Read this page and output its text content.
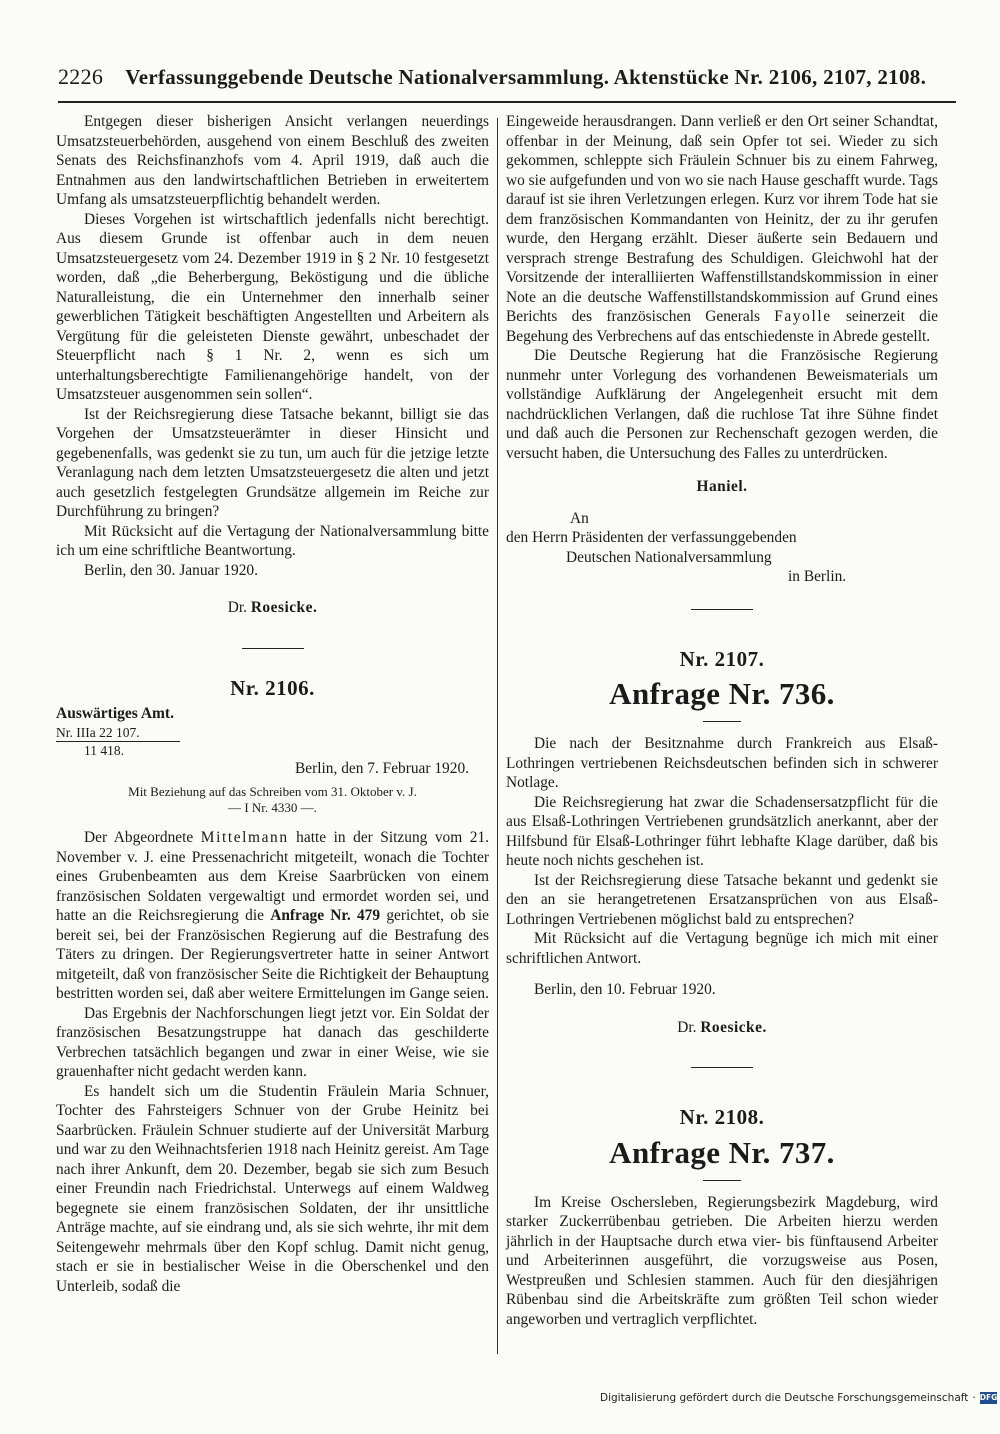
2226 Verfassunggebende Deutsche Nationalversammlung. Aktenstücke Nr. 2106, 2107, 2108.

Entgegen dieser bisherigen Ansicht verlangen neuerdings Umsatzsteuerbehörden, ausgehend von einem Beschluß des zweiten Senats des Reichsfinanzhofs vom 4. April 1919, daß auch die Entnahmen aus den landwirtschaftlichen Betrieben in erweitertem Umfang als umsatzsteuerpflichtig behandelt werden.

Dieses Vorgehen ist wirtschaftlich jedenfalls nicht berechtigt. Aus diesem Grunde ist offenbar auch in dem neuen Umsatzsteuergesetz vom 24. Dezember 1919 in § 2 Nr. 10 festgesetzt worden, daß „die Beherbergung, Beköstigung und die übliche Naturalleistung, die ein Unternehmer den innerhalb seiner gewerblichen Tätigkeit beschäftigten Angestellten und Arbeitern als Vergütung für die geleisteten Dienste gewährt, unbeschadet der Steuerpflicht nach § 1 Nr. 2, wenn es sich um unterhaltungsberechtigte Familienangehörige handelt, von der Umsatzsteuer ausgenommen sein sollen“.

Ist der Reichsregierung diese Tatsache bekannt, billigt sie das Vorgehen der Umsatzsteuerämter in dieser Hinsicht und gegebenenfalls, was gedenkt sie zu tun, um auch für die jetzige letzte Veranlagung nach dem letzten Umsatzsteuergesetz die alten und jetzt auch gesetzlich festgelegten Grundsätze allgemein im Reiche zur Durchführung zu bringen?

Mit Rücksicht auf die Vertagung der Nationalversammlung bitte ich um eine schriftliche Beantwortung.

Berlin, den 30. Januar 1920.

Dr. Roesicke.
Nr. 2106.
Auswärtiges Amt.
Nr. IIIa 22 107.
11 418.
Berlin, den 7. Februar 1920.
Mit Beziehung auf das Schreiben vom 31. Oktober v. J.
— I Nr. 4330 —.

Der Abgeordnete Mittelmann hatte in der Sitzung vom 21. November v. J. eine Pressenachricht mitgeteilt, wonach die Tochter eines Grubenbeamten aus dem Kreise Saarbrücken von einem französischen Soldaten vergewaltigt und ermordet worden sei, und hatte an die Reichsregierung die Anfrage Nr. 479 gerichtet, ob sie bereit sei, bei der Französischen Regierung auf die Bestrafung des Täters zu dringen. Der Regierungsvertreter hatte in seiner Antwort mitgeteilt, daß von französischer Seite die Richtigkeit der Behauptung bestritten worden sei, daß aber weitere Ermittelungen im Gange seien.

Das Ergebnis der Nachforschungen liegt jetzt vor. Ein Soldat der französischen Besatzungstruppe hat danach das geschilderte Verbrechen tatsächlich begangen und zwar in einer Weise, wie sie grauenhafter nicht gedacht werden kann.

Es handelt sich um die Studentin Fräulein Maria Schnuer, Tochter des Fahrsteigers Schnuer von der Grube Heinitz bei Saarbrücken. Fräulein Schnuer studierte auf der Universität Marburg und war zu den Weihnachtsferien 1918 nach Heinitz gereist. Am Tage nach ihrer Ankunft, dem 20. Dezember, begab sie sich zum Besuch einer Freundin nach Friedrichstal. Unterwegs auf einem Waldweg begegnete sie einem französischen Soldaten, der ihr unsittliche Anträge machte, auf sie eindrang und, als sie sich wehrte, ihr mit dem Seitengewehr mehrmals über den Kopf schlug. Damit nicht genug, stach er sie in bestialischer Weise in die Oberschenkel und den Unterleib, sodaß die

Eingeweide herausdrangen. Dann verließ er den Ort seiner Schandtat, offenbar in der Meinung, daß sein Opfer tot sei. Wieder zu sich gekommen, schleppte sich Fräulein Schnuer bis zu einem Fahrweg, wo sie aufgefunden und von wo sie nach Hause geschafft wurde. Tags darauf ist sie ihren Verletzungen erlegen. Kurz vor ihrem Tode hat sie dem französischen Kommandanten von Heinitz, der zu ihr gerufen wurde, den Hergang erzählt. Dieser äußerte sein Bedauern und versprach strenge Bestrafung des Schuldigen. Gleichwohl hat der Vorsitzende der interalliierten Waffenstillstandskommission in einer Note an die deutsche Waffenstillstandskommission auf Grund eines Berichts des französischen Generals Fayolle seinerzeit die Begehung des Verbrechens auf das entschiedenste in Abrede gestellt.

Die Deutsche Regierung hat die Französische Regierung nunmehr unter Vorlegung des vorhandenen Beweismaterials um vollständige Aufklärung der Angelegenheit ersucht mit dem nachdrücklichen Verlangen, daß die ruchlose Tat ihre Sühne findet und daß auch die Personen zur Rechenschaft gezogen werden, die versucht haben, die Untersuchung des Falles zu unterdrücken.

Haniel.
An
den Herrn Präsidenten der verfassunggebenden
Deutschen Nationalversammlung
in Berlin.
Nr. 2107.
Anfrage Nr. 736.

Die nach der Besitznahme durch Frankreich aus Elsaß-Lothringen vertriebenen Reichsdeutschen befinden sich in schwerer Notlage.

Die Reichsregierung hat zwar die Schadensersatzpflicht für die aus Elsaß-Lothringen Vertriebenen grundsätzlich anerkannt, aber der Hilfsbund für Elsaß-Lothringer führt lebhafte Klage darüber, daß bis heute noch nichts geschehen ist.

Ist der Reichsregierung diese Tatsache bekannt und gedenkt sie den an sie herangetretenen Ersatzansprüchen von aus Elsaß-Lothringen Vertriebenen möglichst bald zu entsprechen?

Mit Rücksicht auf die Vertagung begnüge ich mich mit einer schriftlichen Antwort.

Berlin, den 10. Februar 1920.

Dr. Roesicke.
Nr. 2108.
Anfrage Nr. 737.

Im Kreise Oschersleben, Regierungsbezirk Magdeburg, wird starker Zuckerrübenbau getrieben. Die Arbeiten hierzu werden jährlich in der Hauptsache durch etwa vier- bis fünftausend Arbeiter und Arbeiterinnen ausgeführt, die vorzugsweise aus Posen, Westpreußen und Schlesien stammen. Auch für den diesjährigen Rübenbau sind die Arbeitskräfte zum größten Teil schon wieder angeworben und vertraglich verpflichtet.

Digitalisierung gefördert durch die Deutsche Forschungsgemeinschaft · DFG
